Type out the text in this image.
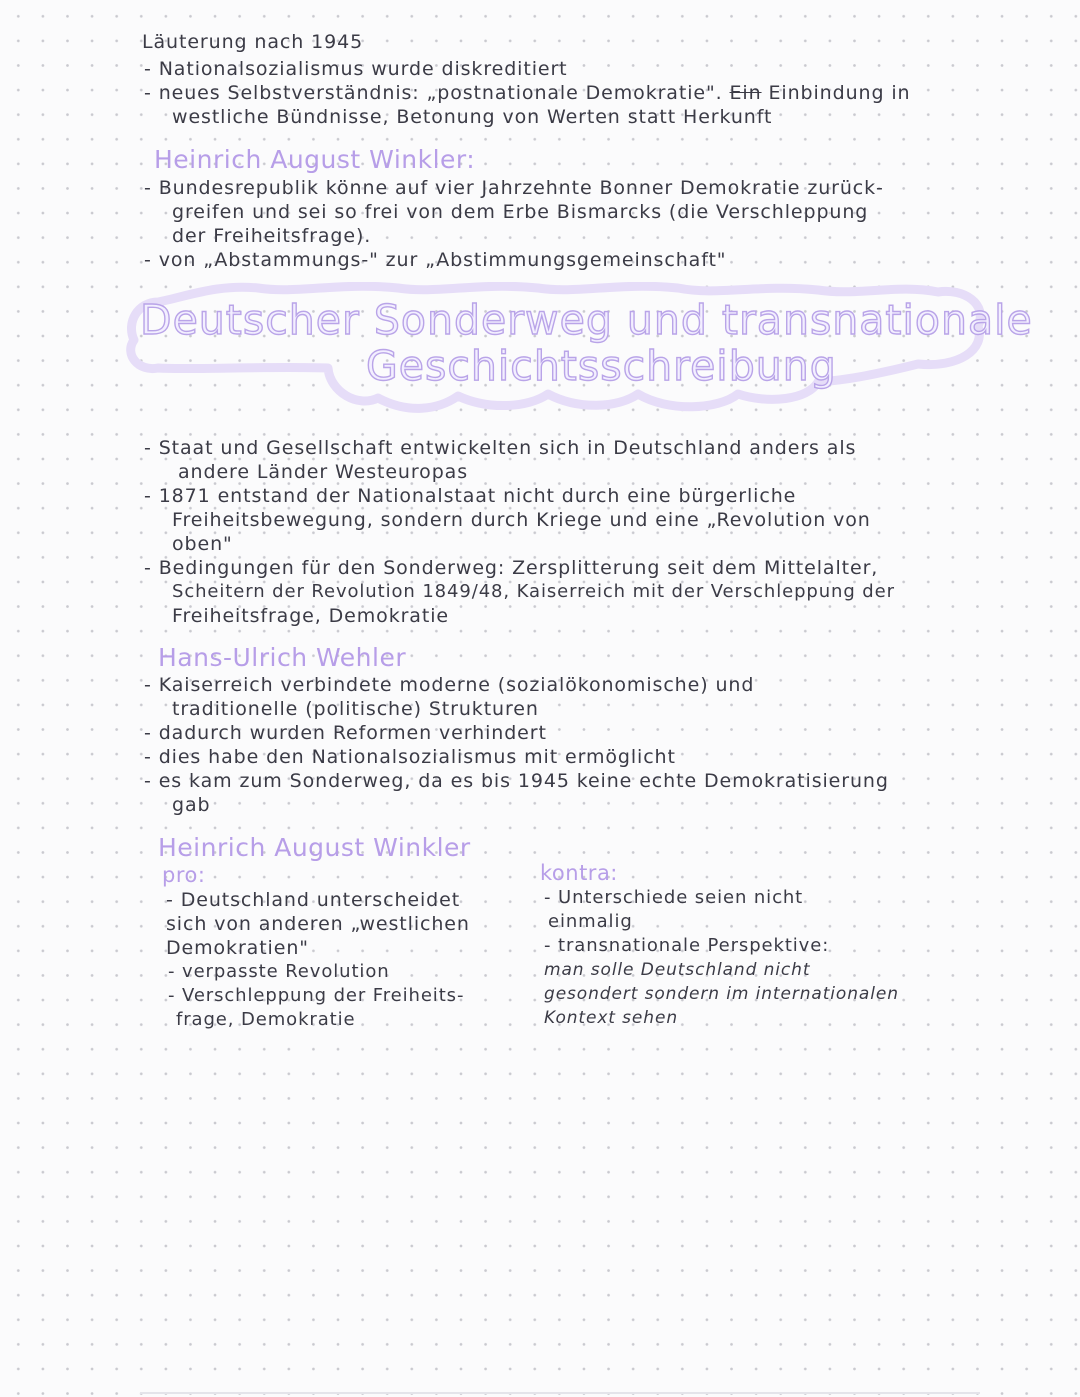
Läuterung nach 1945
- Nationalsozialismus wurde diskreditiert
- neues Selbstverständnis: „postnationale Demokratie". Ein Einbindung in
westliche Bündnisse, Betonung von Werten statt Herkunft
Heinrich August Winkler:
- Bundesrepublik könne auf vier Jahrzehnte Bonner Demokratie zurück-
greifen und sei so frei von dem Erbe Bismarcks (die Verschleppung
der Freiheitsfrage).
- von „Abstammungs-" zur „Abstimmungsgemeinschaft"
Deutscher Sonderweg und transnationale
Geschichtsschreibung
- Staat und Gesellschaft entwickelten sich in Deutschland anders als
andere Länder Westeuropas
- 1871 entstand der Nationalstaat nicht durch eine bürgerliche
Freiheitsbewegung, sondern durch Kriege und eine „Revolution von
oben"
- Bedingungen für den Sonderweg: Zersplitterung seit dem Mittelalter,
Scheitern der Revolution 1849/48, Kaiserreich mit der Verschleppung der
Freiheitsfrage, Demokratie
Hans-Ulrich Wehler
- Kaiserreich verbindete moderne (sozialökonomische) und
traditionelle (politische) Strukturen
- dadurch wurden Reformen verhindert
- dies habe den Nationalsozialismus mit ermöglicht
- es kam zum Sonderweg, da es bis 1945 keine echte Demokratisierung
gab
Heinrich August Winkler
pro:
- Deutschland unterscheidet
sich von anderen „westlichen
Demokratien"
- verpasste Revolution
- Verschleppung der Freiheits-
frage, Demokratie
kontra:
- Unterschiede seien nicht
einmalig
- transnationale Perspektive:
man solle Deutschland nicht
gesondert sondern im internationalen
Kontext sehen
